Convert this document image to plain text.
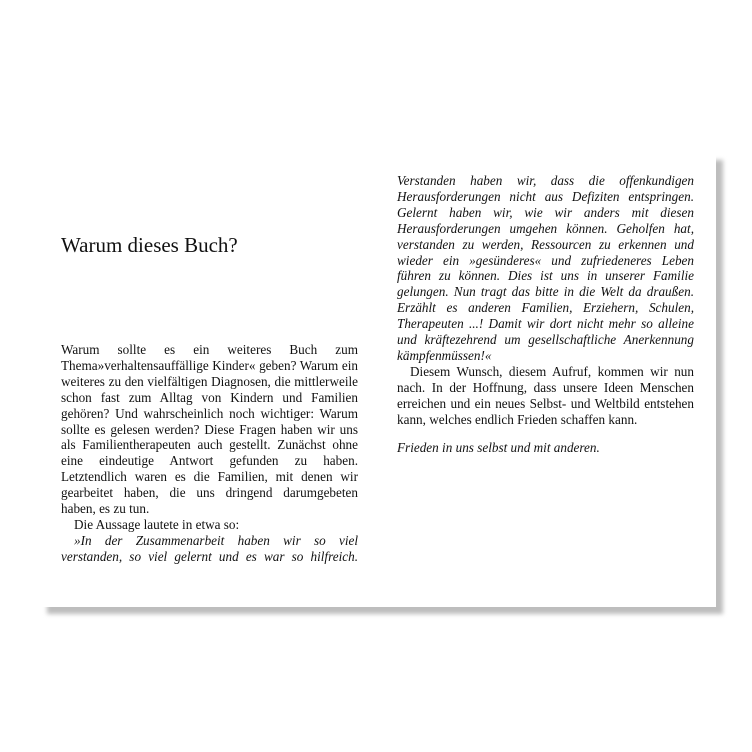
Warum dieses Buch?

Warum sollte es ein weiteres Buch zum Thema»verhaltensauffällige Kinder« geben? Warum ein weiteres zu den vielfältigen Diagnosen, die mittlerweile schon fast zum Alltag von Kindern und Familien gehören? Und wahrscheinlich noch wichtiger: Warum sollte es gelesen werden? Diese Fragen haben wir uns als Familientherapeuten auch gestellt. Zunächst ohne eine eindeutige Antwort gefunden zu haben. Letztendlich waren es die Familien, mit denen wir gearbeitet haben, die uns dringend darumgebeten haben, es zu tun.

Die Aussage lautete in etwa so:

»In der Zusammenarbeit haben wir so viel verstanden, so viel gelernt und es war so hilfreich.

Verstanden haben wir, dass die offenkundigen Herausforderungen nicht aus Defiziten entspringen. Gelernt haben wir, wie wir anders mit diesen Herausforderungen umgehen können. Geholfen hat, verstanden zu werden, Ressourcen zu erkennen und wieder ein »gesünderes« und zufriedeneres Leben führen zu können. Dies ist uns in unserer Familie gelungen. Nun tragt das bitte in die Welt da draußen. Erzählt es anderen Familien, Erziehern, Schulen, Therapeuten ...! Damit wir dort nicht mehr so alleine und kräftezehrend um gesellschaftliche Anerkennung kämpfenmüssen!«

Diesem Wunsch, diesem Aufruf, kommen wir nun nach. In der Hoffnung, dass unsere Ideen Menschen erreichen und ein neues Selbst- und Weltbild entstehen kann, welches endlich Frieden schaffen kann.

Frieden in uns selbst und mit anderen.
